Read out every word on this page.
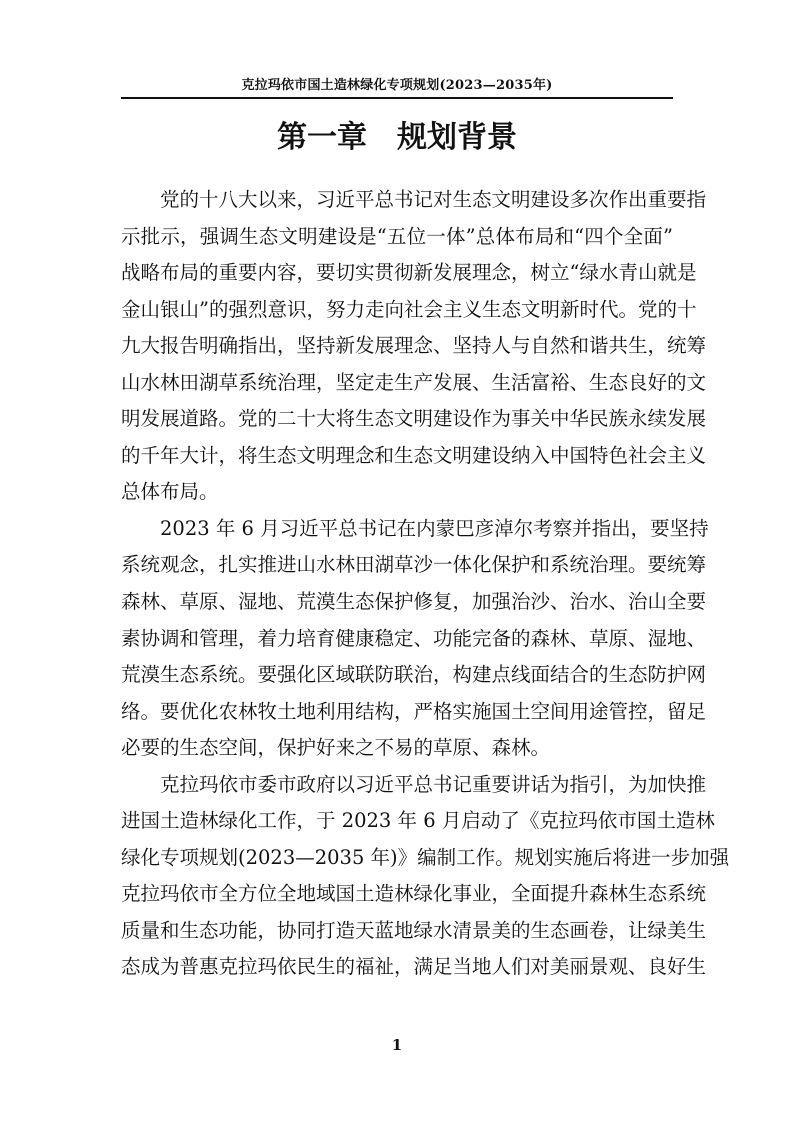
克拉玛依市国土造林绿化专项规划(2023—2035年)
第一章　规划背景
党的十八大以来，习近平总书记对生态文明建设多次作出重要指
示批示，强调生态文明建设是“五位一体”总体布局和“四个全面”
战略布局的重要内容，要切实贯彻新发展理念，树立“绿水青山就是
金山银山”的强烈意识，努力走向社会主义生态文明新时代。党的十
九大报告明确指出，坚持新发展理念、坚持人与自然和谐共生，统筹
山水林田湖草系统治理，坚定走生产发展、生活富裕、生态良好的文
明发展道路。党的二十大将生态文明建设作为事关中华民族永续发展
的千年大计，将生态文明理念和生态文明建设纳入中国特色社会主义
总体布局。
2023 年 6 月习近平总书记在内蒙巴彦淖尔考察并指出，要坚持
系统观念，扎实推进山水林田湖草沙一体化保护和系统治理。要统筹
森林、草原、湿地、荒漠生态保护修复，加强治沙、治水、治山全要
素协调和管理，着力培育健康稳定、功能完备的森林、草原、湿地、
荒漠生态系统。要强化区域联防联治，构建点线面结合的生态防护网
络。要优化农林牧土地利用结构，严格实施国土空间用途管控，留足
必要的生态空间，保护好来之不易的草原、森林。
克拉玛依市委市政府以习近平总书记重要讲话为指引，为加快推
进国土造林绿化工作，于 2023 年 6 月启动了《克拉玛依市国土造林
绿化专项规划(2023—2035 年)》编制工作。规划实施后将进一步加强
克拉玛依市全方位全地域国土造林绿化事业，全面提升森林生态系统
质量和生态功能，协同打造天蓝地绿水清景美的生态画卷，让绿美生
态成为普惠克拉玛依民生的福祉，满足当地人们对美丽景观、良好生
1
